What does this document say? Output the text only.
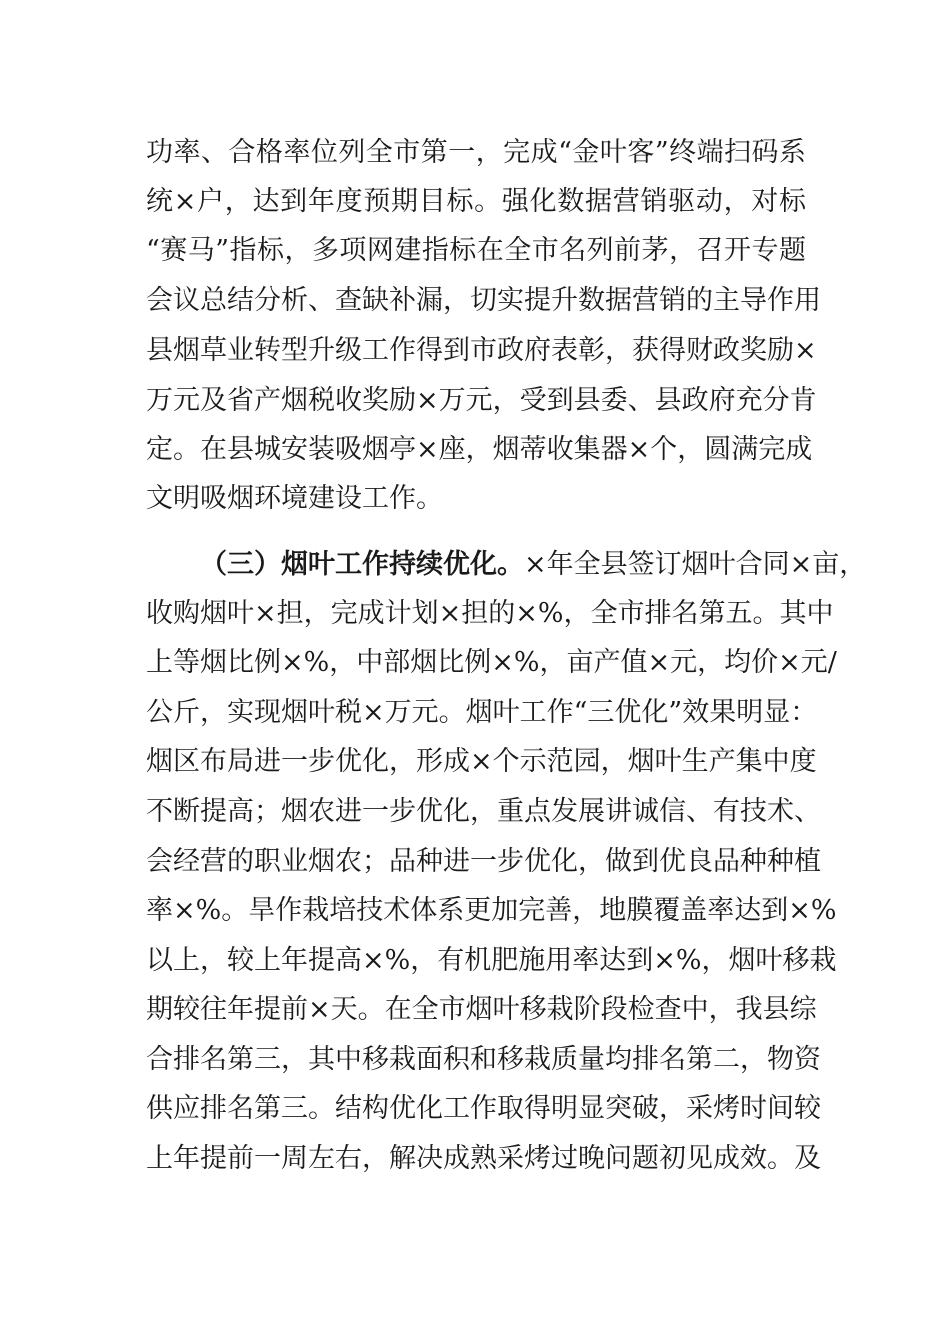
功率、合格率位列全市第一，完成“金叶客”终端扫码系
统×户，达到年度预期目标。强化数据营销驱动，对标
“赛马”指标，多项网建指标在全市名列前茅，召开专题
会议总结分析、查缺补漏，切实提升数据营销的主导作用
县烟草业转型升级工作得到市政府表彰，获得财政奖励×
万元及省产烟税收奖励×万元，受到县委、县政府充分肯
定。在县城安装吸烟亭×座，烟蒂收集器×个，圆满完成
文明吸烟环境建设工作。
（三）烟叶工作持续优化。×年全县签订烟叶合同×亩，
收购烟叶×担，完成计划×担的×%，全市排名第五。其中
上等烟比例×%，中部烟比例×%，亩产值×元，均价×元/
公斤，实现烟叶税×万元。烟叶工作“三优化”效果明显：
烟区布局进一步优化，形成×个示范园，烟叶生产集中度
不断提高；烟农进一步优化，重点发展讲诚信、有技术、
会经营的职业烟农；品种进一步优化，做到优良品种种植
率×%。旱作栽培技术体系更加完善，地膜覆盖率达到×%
以上，较上年提高×%，有机肥施用率达到×%，烟叶移栽
期较往年提前×天。在全市烟叶移栽阶段检查中，我县综
合排名第三，其中移栽面积和移栽质量均排名第二，物资
供应排名第三。结构优化工作取得明显突破，采烤时间较
上年提前一周左右，解决成熟采烤过晚问题初见成效。及
